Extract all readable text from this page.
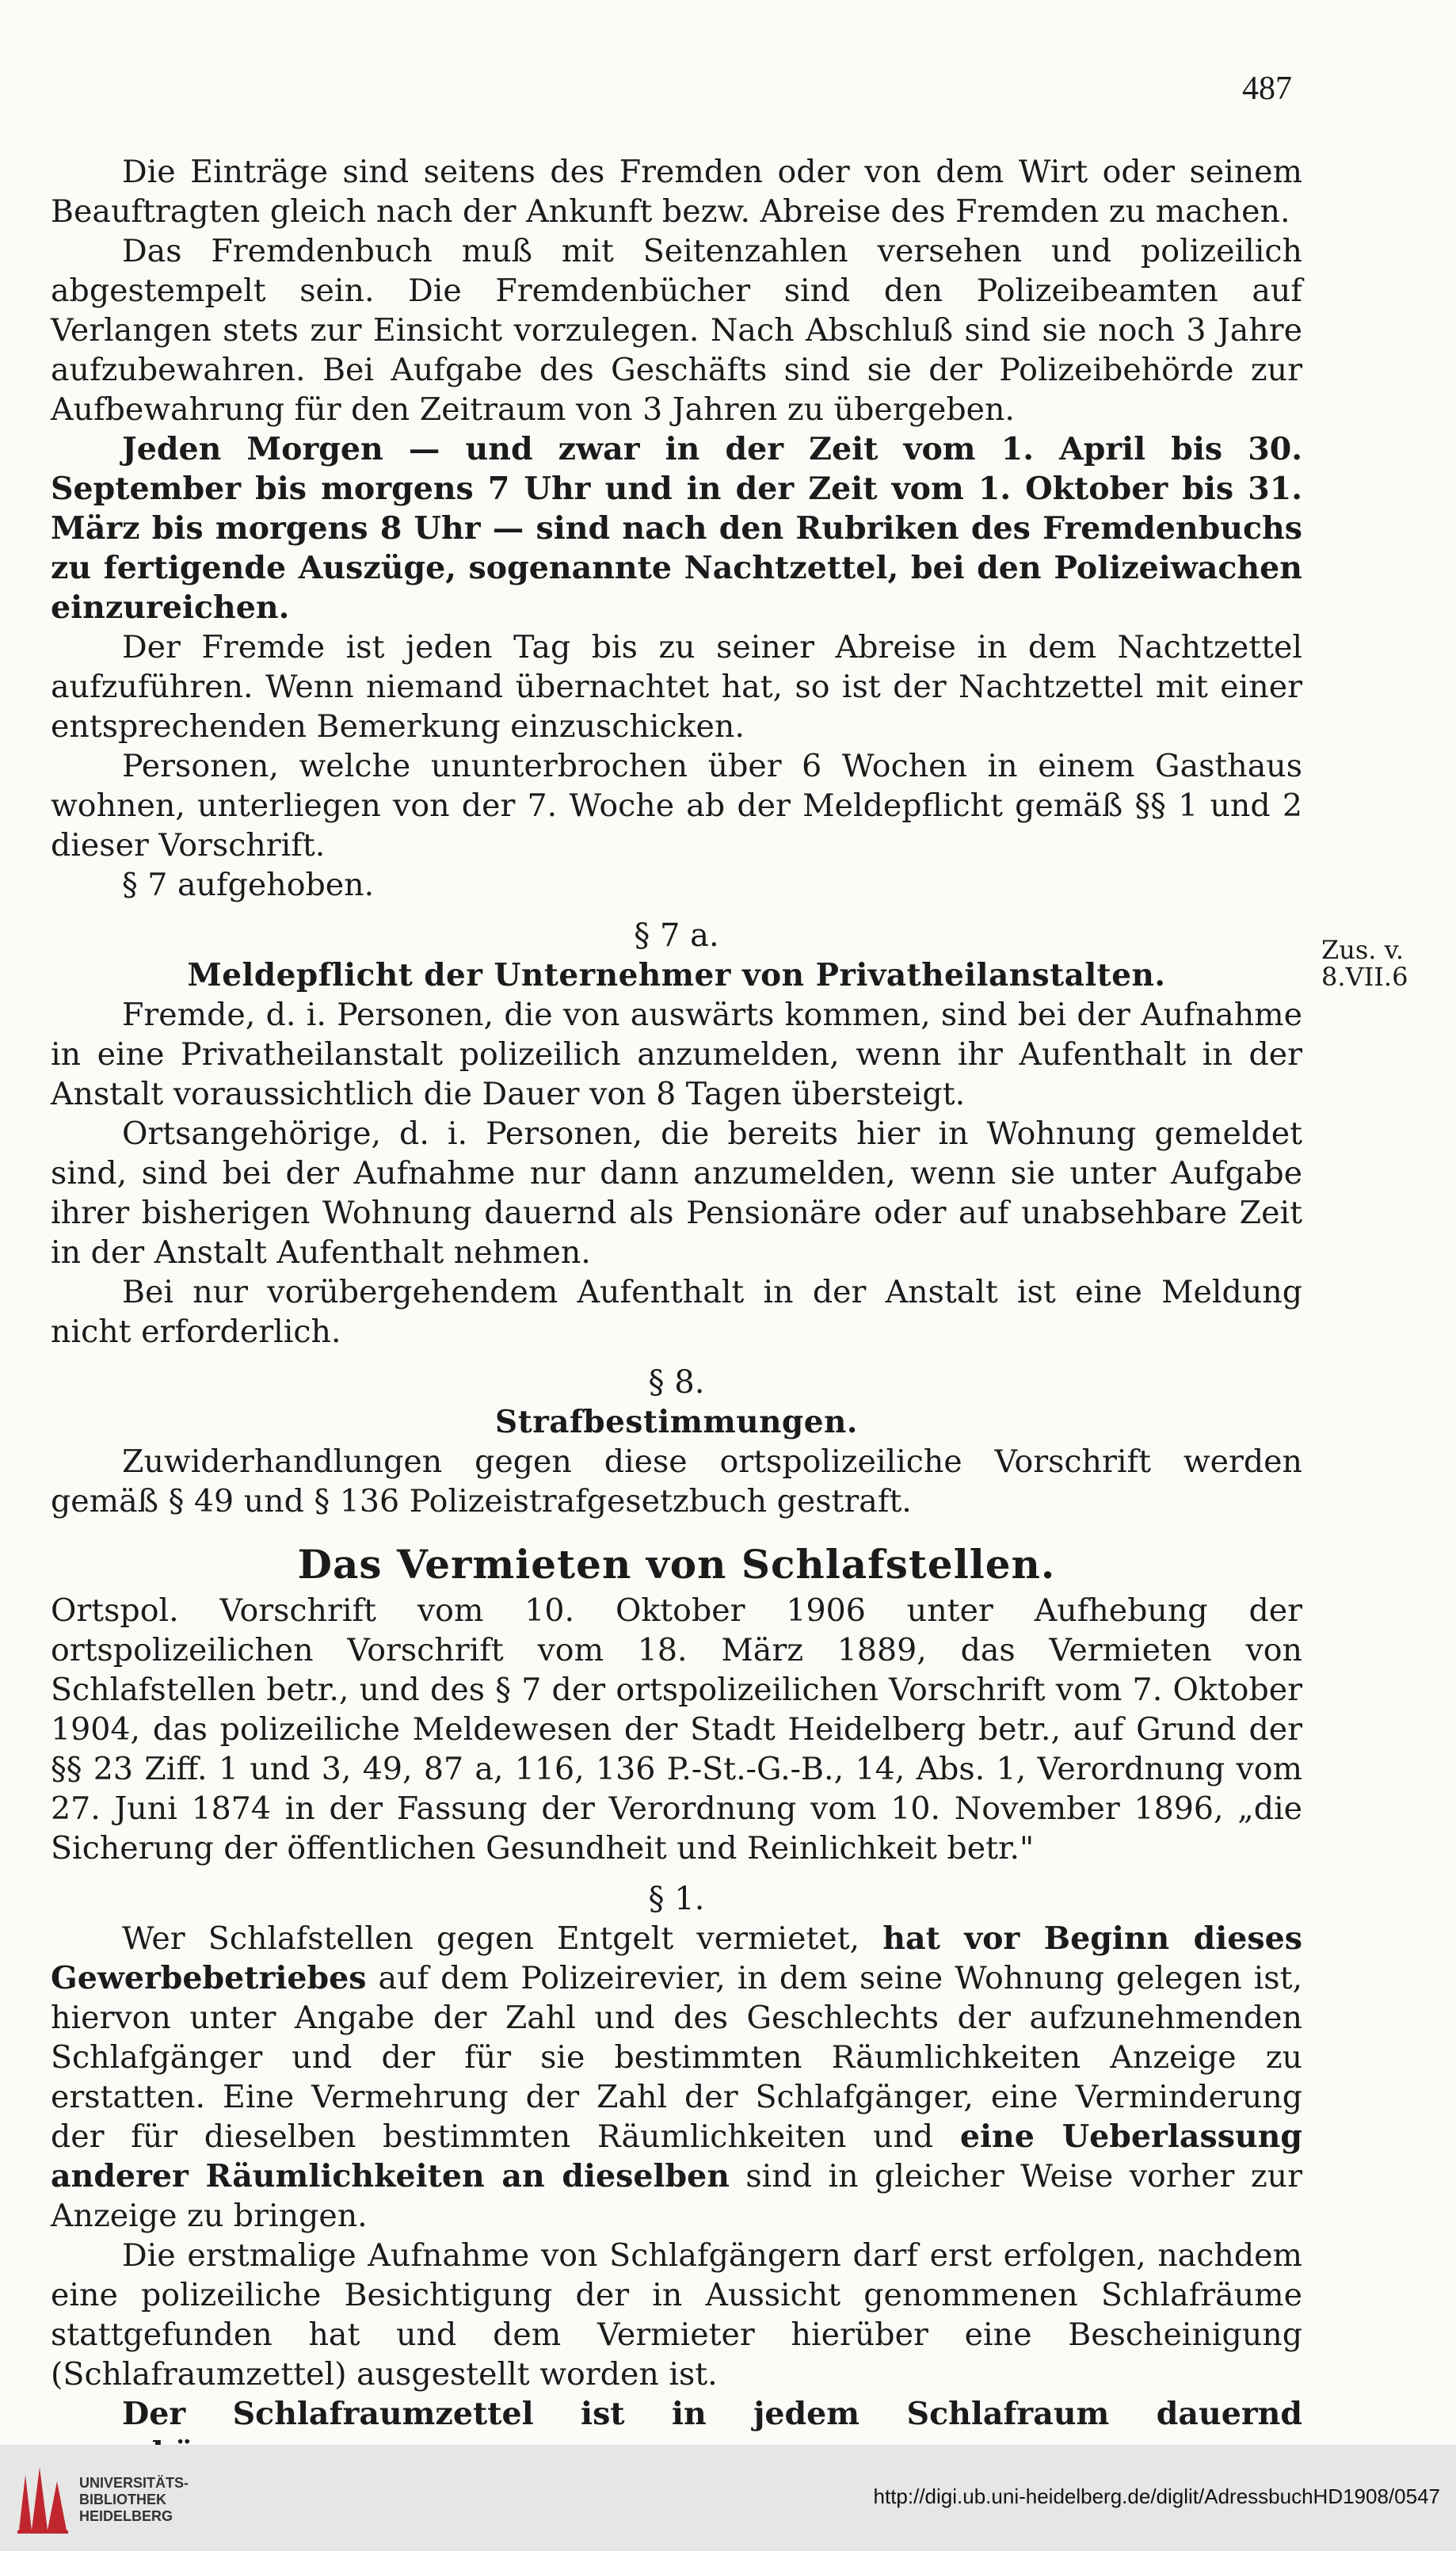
487

Die Einträge sind seitens des Fremden oder von dem Wirt oder seinem Beauftragten gleich nach der Ankunft bezw. Abreise des Fremden zu machen.

Das Fremdenbuch muß mit Seitenzahlen versehen und polizeilich abgestempelt sein. Die Fremdenbücher sind den Polizeibeamten auf Verlangen stets zur Einsicht vorzulegen. Nach Abschluß sind sie noch 3 Jahre aufzubewahren. Bei Aufgabe des Geschäfts sind sie der Polizeibehörde zur Aufbewahrung für den Zeitraum von 3 Jahren zu übergeben.

Jeden Morgen — und zwar in der Zeit vom 1. April bis 30. September bis morgens 7 Uhr und in der Zeit vom 1. Oktober bis 31. März bis morgens 8 Uhr — sind nach den Rubriken des Fremdenbuchs zu fertigende Auszüge, sogenannte Nachtzettel, bei den Polizeiwachen einzureichen.

Der Fremde ist jeden Tag bis zu seiner Abreise in dem Nachtzettel aufzuführen. Wenn niemand übernachtet hat, so ist der Nachtzettel mit einer entsprechenden Bemerkung einzuschicken.

Personen, welche ununterbrochen über 6 Wochen in einem Gasthaus wohnen, unterliegen von der 7. Woche ab der Meldepflicht gemäß §§ 1 und 2 dieser Vorschrift.

§ 7 aufgehoben.

§ 7 a.

Meldepflicht der Unternehmer von Privatheilanstalten.

Fremde, d. i. Personen, die von auswärts kommen, sind bei der Aufnahme in eine Privatheilanstalt polizeilich anzumelden, wenn ihr Aufenthalt in der Anstalt voraussichtlich die Dauer von 8 Tagen übersteigt.

Ortsangehörige, d. i. Personen, die bereits hier in Wohnung gemeldet sind, sind bei der Aufnahme nur dann anzumelden, wenn sie unter Aufgabe ihrer bisherigen Wohnung dauernd als Pensionäre oder auf unabsehbare Zeit in der Anstalt Aufenthalt nehmen.

Bei nur vorübergehendem Aufenthalt in der Anstalt ist eine Meldung nicht erforderlich.

§ 8.

Strafbestimmungen.

Zuwiderhandlungen gegen diese ortspolizeiliche Vorschrift werden gemäß § 49 und § 136 Polizeistrafgesetzbuch gestraft.

Das Vermieten von Schlafstellen.

Ortspol. Vorschrift vom 10. Oktober 1906 unter Aufhebung der ortspolizeilichen Vorschrift vom 18. März 1889, das Vermieten von Schlafstellen betr., und des § 7 der ortspolizeilichen Vorschrift vom 7. Oktober 1904, das polizeiliche Meldewesen der Stadt Heidelberg betr., auf Grund der §§ 23 Ziff. 1 und 3, 49, 87 a, 116, 136 P.-St.-G.-B., 14, Abs. 1, Verordnung vom 27. Juni 1874 in der Fassung der Verordnung vom 10. November 1896, „die Sicherung der öffentlichen Gesundheit und Reinlichkeit betr."

§ 1.

Wer Schlafstellen gegen Entgelt vermietet, hat vor Beginn dieses Gewerbebetriebes auf dem Polizeirevier, in dem seine Wohnung gelegen ist, hiervon unter Angabe der Zahl und des Geschlechts der aufzunehmenden Schlafgänger und der für sie bestimmten Räumlichkeiten Anzeige zu erstatten. Eine Vermehrung der Zahl der Schlafgänger, eine Verminderung der für dieselben bestimmten Räumlichkeiten und eine Ueberlassung anderer Räumlichkeiten an dieselben sind in gleicher Weise vorher zur Anzeige zu bringen.

Die erstmalige Aufnahme von Schlafgängern darf erst erfolgen, nachdem eine polizeiliche Besichtigung der in Aussicht genommenen Schlafräume stattgefunden hat und dem Vermieter hierüber eine Bescheinigung (Schlafraumzettel) ausgestellt worden ist.

Der Schlafraumzettel ist in jedem Schlafraum dauernd

Zus. v.
8.VII.6
UNIVERSITÄTS-
BIBLIOTHEK
HEIDELBERG
http://digi.ub.uni-heidelberg.de/diglit/AdressbuchHD1908/0547
